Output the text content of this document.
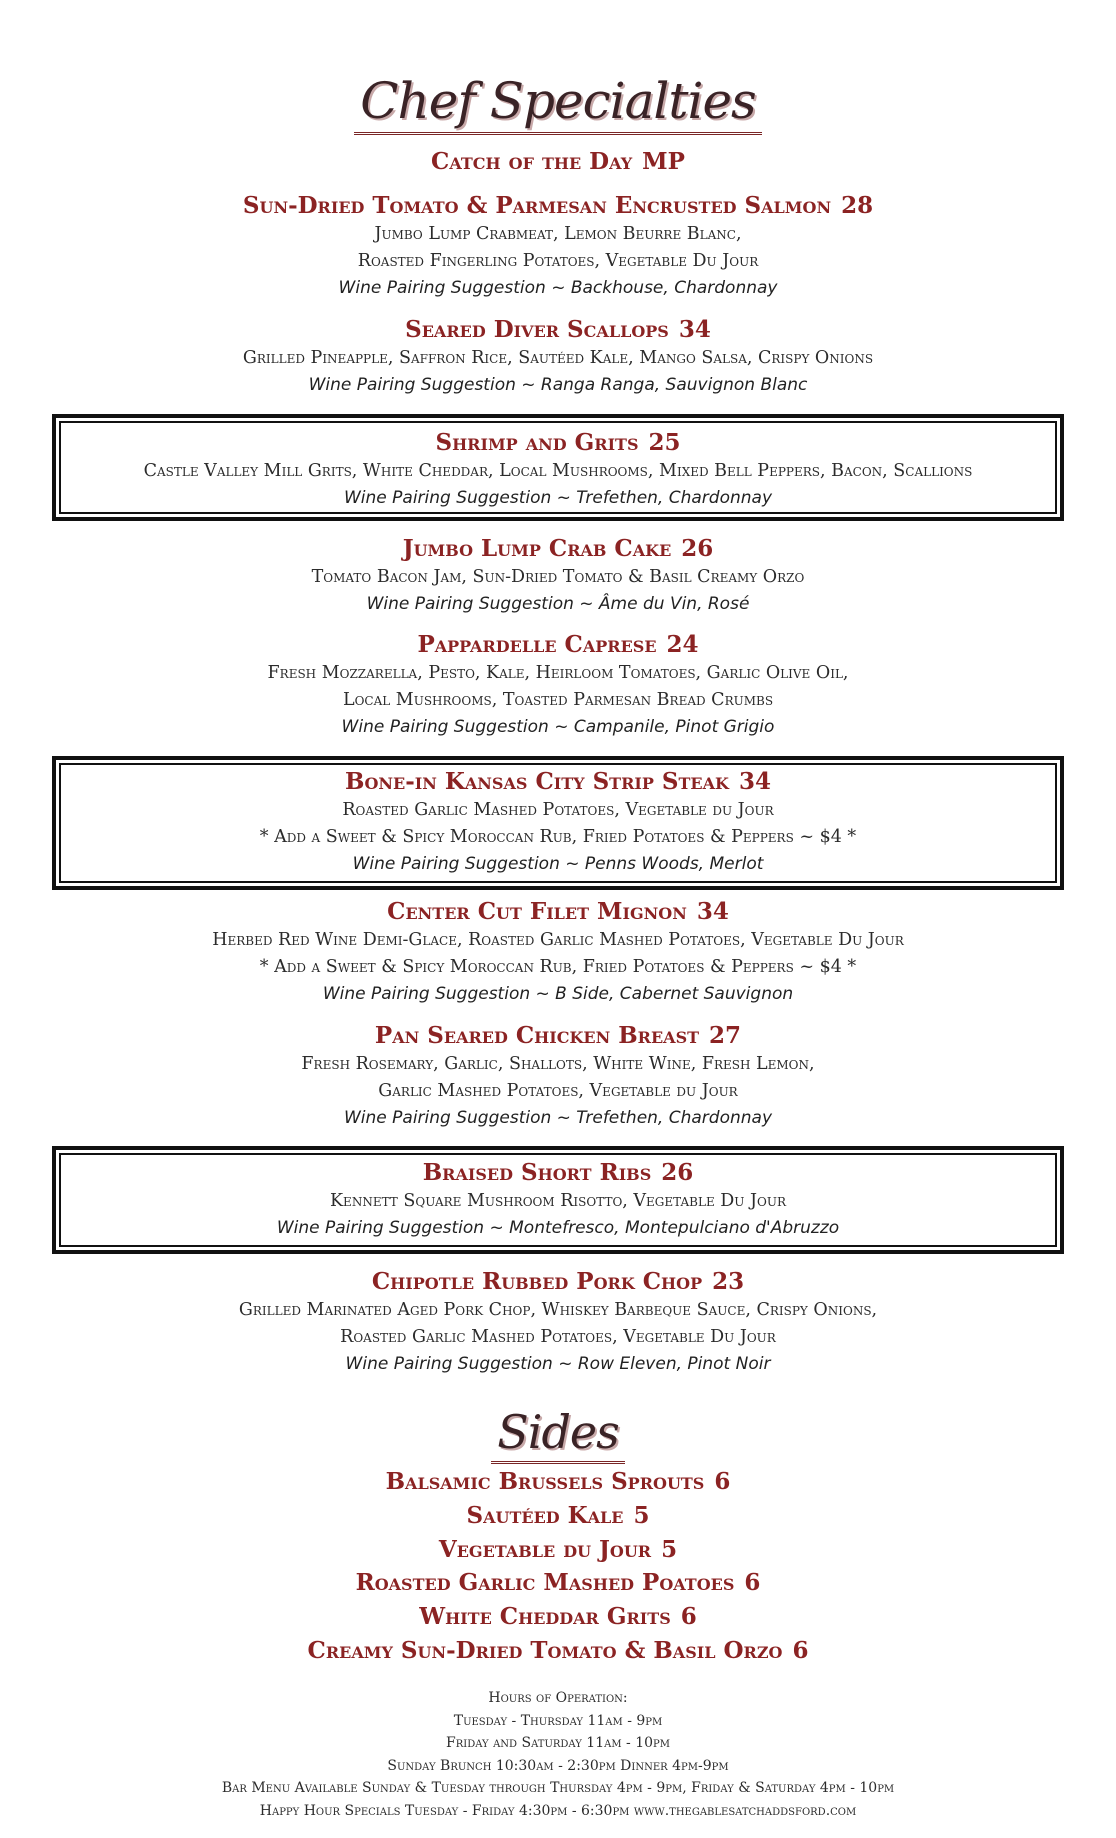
Chef Specialties
Catch of the Day MP
Sun-Dried Tomato & Parmesan Encrusted Salmon 28
Jumbo Lump Crabmeat, Lemon Beurre Blanc,
Roasted Fingerling Potatoes, Vegetable Du Jour
Wine Pairing Suggestion ~ Backhouse, Chardonnay
Seared Diver Scallops 34
Grilled Pineapple, Saffron Rice, Sautéed Kale, Mango Salsa, Crispy Onions
Wine Pairing Suggestion ~ Ranga Ranga, Sauvignon Blanc
Shrimp and Grits 25
Castle Valley Mill Grits, White Cheddar, Local Mushrooms, Mixed Bell Peppers, Bacon, Scallions
Wine Pairing Suggestion ~ Trefethen, Chardonnay
Jumbo Lump Crab Cake 26
Tomato Bacon Jam, Sun-Dried Tomato & Basil Creamy Orzo
Wine Pairing Suggestion ~ Âme du Vin, Rosé
Pappardelle Caprese 24
Fresh Mozzarella, Pesto, Kale, Heirloom Tomatoes, Garlic Olive Oil,
Local Mushrooms, Toasted Parmesan Bread Crumbs
Wine Pairing Suggestion ~ Campanile, Pinot Grigio
Bone-in Kansas City Strip Steak 34
Roasted Garlic Mashed Potatoes, Vegetable du Jour
* Add a Sweet & Spicy Moroccan Rub, Fried Potatoes & Peppers ~ $4 *
Wine Pairing Suggestion ~ Penns Woods, Merlot
Center Cut Filet Mignon 34
Herbed Red Wine Demi-Glace, Roasted Garlic Mashed Potatoes, Vegetable Du Jour
* Add a Sweet & Spicy Moroccan Rub, Fried Potatoes & Peppers ~ $4 *
Wine Pairing Suggestion ~ B Side, Cabernet Sauvignon
Pan Seared Chicken Breast 27
Fresh Rosemary, Garlic, Shallots, White Wine, Fresh Lemon,
Garlic Mashed Potatoes, Vegetable du Jour
Wine Pairing Suggestion ~ Trefethen, Chardonnay
Braised Short Ribs 26
Kennett Square Mushroom Risotto, Vegetable Du Jour
Wine Pairing Suggestion ~ Montefresco, Montepulciano d'Abruzzo
Chipotle Rubbed Pork Chop 23
Grilled Marinated Aged Pork Chop, Whiskey Barbeque Sauce, Crispy Onions,
Roasted Garlic Mashed Potatoes, Vegetable Du Jour
Wine Pairing Suggestion ~ Row Eleven, Pinot Noir
Sides
Balsamic Brussels Sprouts 6
Sautéed Kale 5
Vegetable du Jour 5
Roasted Garlic Mashed Poatoes 6
White Cheddar Grits 6
Creamy Sun-Dried Tomato & Basil Orzo 6
Hours of Operation:
Tuesday - Thursday 11am - 9pm
Friday and Saturday 11am - 10pm
Sunday Brunch 10:30am - 2:30pm Dinner 4pm-9pm
Bar Menu Available Sunday & Tuesday through Thursday 4pm - 9pm, Friday & Saturday 4pm - 10pm
Happy Hour Specials Tuesday - Friday 4:30pm - 6:30pm www.thegablesatchaddsford.com
